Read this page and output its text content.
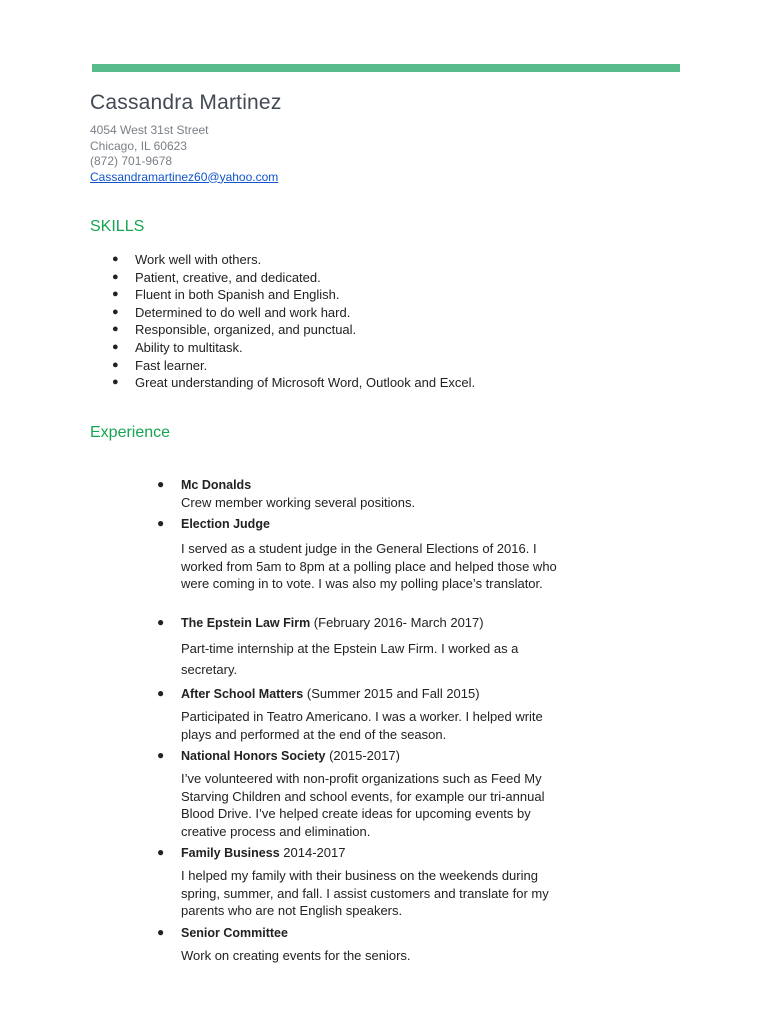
Cassandra Martinez
4054 West 31st Street
Chicago, IL 60623
(872) 701-9678
Cassandramartinez60@yahoo.com
SKILLS
● Work well with others.
● Patient, creative, and dedicated.
● Fluent in both Spanish and English.
● Determined to do well and work hard.
● Responsible, organized, and punctual.
● Ability to multitask.
● Fast learner.
● Great understanding of Microsoft Word, Outlook and Excel.
Experience
● Mc Donalds
Crew member working several positions.
● Election Judge
I served as a student judge in the General Elections of 2016. I worked from 5am to 8pm at a polling place and helped those who were coming in to vote. I was also my polling place’s translator.
● The Epstein Law Firm (February 2016- March 2017)
Part-time internship at the Epstein Law Firm. I worked as a secretary.
● After School Matters (Summer 2015 and Fall 2015)
Participated in Teatro Americano. I was a worker. I helped write plays and performed at the end of the season.
● National Honors Society (2015-2017)
I’ve volunteered with non-profit organizations such as Feed My Starving Children and school events, for example our tri-annual Blood Drive. I’ve helped create ideas for upcoming events by creative process and elimination.
● Family Business 2014-2017
I helped my family with their business on the weekends during spring, summer, and fall. I assist customers and translate for my parents who are not English speakers.
● Senior Committee
Work on creating events for the seniors.
